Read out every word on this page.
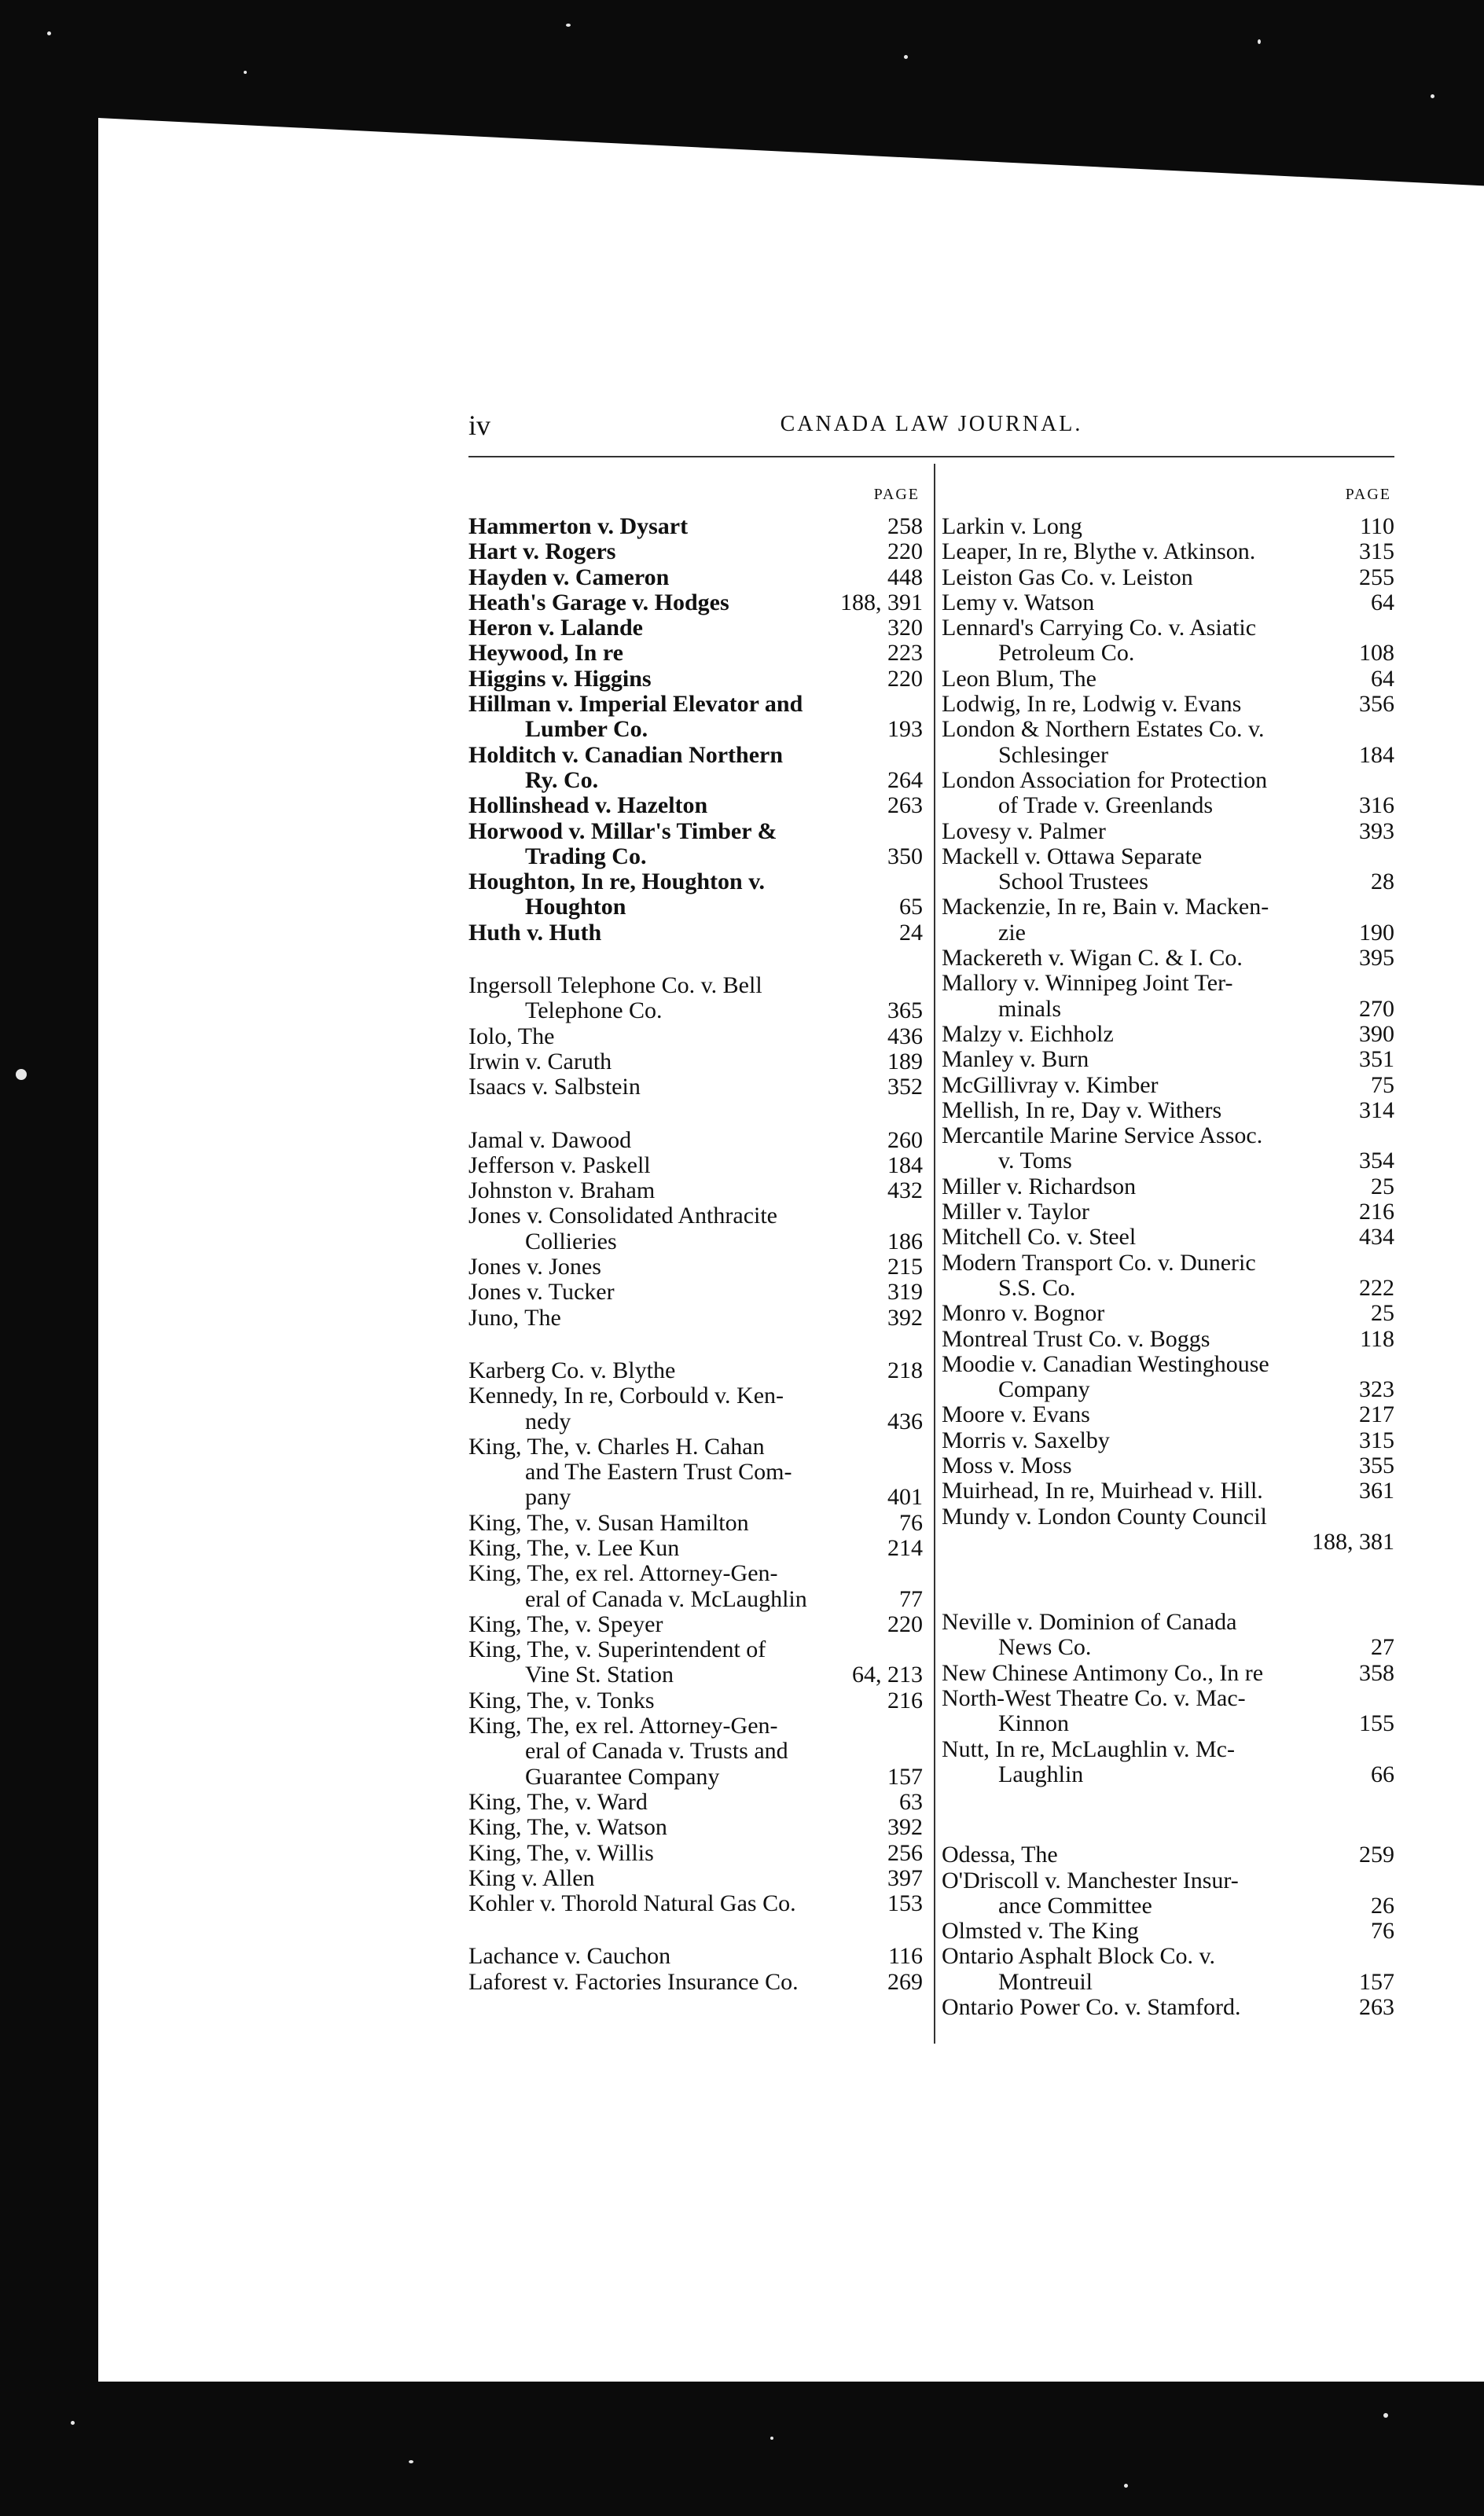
iv	CANADA LAW JOURNAL.
PAGE
Hammerton v. Dysart	258
Hart v. Rogers	220
Hayden v. Cameron	448
Heath's Garage v. Hodges	188, 391
Heron v. Lalande	320
Heywood, In re	223
Higgins v. Higgins	220
Hillman v. Imperial Elevator and
Lumber Co.	193
Holditch v. Canadian Northern
Ry. Co.	264
Hollinshead v. Hazelton	263
Horwood v. Millar's Timber &
Trading Co.	350
Houghton, In re, Houghton v.
Houghton	65
Huth v. Huth	24
Ingersoll Telephone Co. v. Bell
Telephone Co.	365
Iolo, The	436
Irwin v. Caruth	189
Isaacs v. Salbstein	352
Jamal v. Dawood	260
Jefferson v. Paskell	184
Johnston v. Braham	432
Jones v. Consolidated Anthracite
Collieries	186
Jones v. Jones	215
Jones v. Tucker	319
Juno, The	392
Karberg Co. v. Blythe	218
Kennedy, In re, Corbould v. Ken-
nedy	436
King, The, v. Charles H. Cahan
and The Eastern Trust Com-
pany	401
King, The, v. Susan Hamilton	76
King, The, v. Lee Kun	214
King, The, ex rel. Attorney-Gen-
eral of Canada v. McLaughlin	77
King, The, v. Speyer	220
King, The, v. Superintendent of
Vine St. Station	64, 213
King, The, v. Tonks	216
King, The, ex rel. Attorney-Gen-
eral of Canada v. Trusts and
Guarantee Company	157
King, The, v. Ward	63
King, The, v. Watson	392
King, The, v. Willis	256
King v. Allen	397
Kohler v. Thorold Natural Gas Co.	153
Lachance v. Cauchon	116
Laforest v. Factories Insurance Co.	269
PAGE
Larkin v. Long	110
Leaper, In re, Blythe v. Atkinson.	315
Leiston Gas Co. v. Leiston	255
Lemy v. Watson	64
Lennard's Carrying Co. v. Asiatic
Petroleum Co.	108
Leon Blum, The	64
Lodwig, In re, Lodwig v. Evans	356
London & Northern Estates Co. v.
Schlesinger	184
London Association for Protection
of Trade v. Greenlands	316
Lovesy v. Palmer	393
Mackell v. Ottawa Separate
School Trustees	28
Mackenzie, In re, Bain v. Macken-
zie	190
Mackereth v. Wigan C. & I. Co.	395
Mallory v. Winnipeg Joint Ter-
minals	270
Malzy v. Eichholz	390
Manley v. Burn	351
McGillivray v. Kimber	75
Mellish, In re, Day v. Withers	314
Mercantile Marine Service Assoc.
v. Toms	354
Miller v. Richardson	25
Miller v. Taylor	216
Mitchell Co. v. Steel	434
Modern Transport Co. v. Duneric
S.S. Co.	222
Monro v. Bognor	25
Montreal Trust Co. v. Boggs	118
Moodie v. Canadian Westinghouse
Company	323
Moore v. Evans	217
Morris v. Saxelby	315
Moss v. Moss	355
Muirhead, In re, Muirhead v. Hill.	361
Mundy v. London County Council
188, 381
Neville v. Dominion of Canada
News Co.	27
New Chinese Antimony Co., In re	358
North-West Theatre Co. v. Mac-
Kinnon	155
Nutt, In re, McLaughlin v. Mc-
Laughlin	66
Odessa, The	259
O'Driscoll v. Manchester Insur-
ance Committee	26
Olmsted v. The King	76
Ontario Asphalt Block Co. v.
Montreuil	157
Ontario Power Co. v. Stamford.	263
